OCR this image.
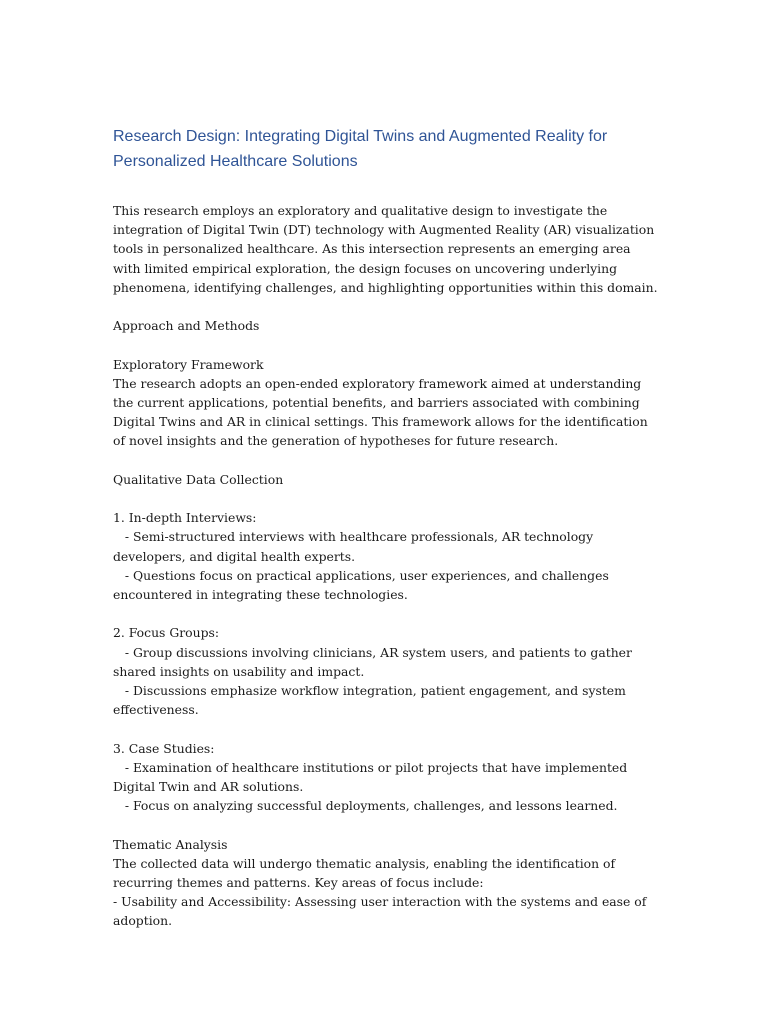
Research Design: Integrating Digital Twins and Augmented Reality for
Personalized Healthcare Solutions

This research employs an exploratory and qualitative design to investigate the integration of Digital Twin (DT) technology with Augmented Reality (AR) visualization tools in personalized healthcare. As this intersection represents an emerging area with limited empirical exploration, the design focuses on uncovering underlying phenomena, identifying challenges, and highlighting opportunities within this domain.

Approach and Methods

Exploratory Framework

The research adopts an open-ended exploratory framework aimed at understanding the current applications, potential benefits, and barriers associated with combining Digital Twins and AR in clinical settings. This framework allows for the identification of novel insights and the generation of hypotheses for future research.

Qualitative Data Collection

1. In-depth Interviews:

- Semi-structured interviews with healthcare professionals, AR technology developers, and digital health experts.

- Questions focus on practical applications, user experiences, and challenges encountered in integrating these technologies.

2. Focus Groups:

- Group discussions involving clinicians, AR system users, and patients to gather shared insights on usability and impact.

- Discussions emphasize workflow integration, patient engagement, and system effectiveness.

3. Case Studies:

- Examination of healthcare institutions or pilot projects that have implemented Digital Twin and AR solutions.

- Focus on analyzing successful deployments, challenges, and lessons learned.

Thematic Analysis

The collected data will undergo thematic analysis, enabling the identification of recurring themes and patterns. Key areas of focus include:

- Usability and Accessibility: Assessing user interaction with the systems and ease of adoption.
